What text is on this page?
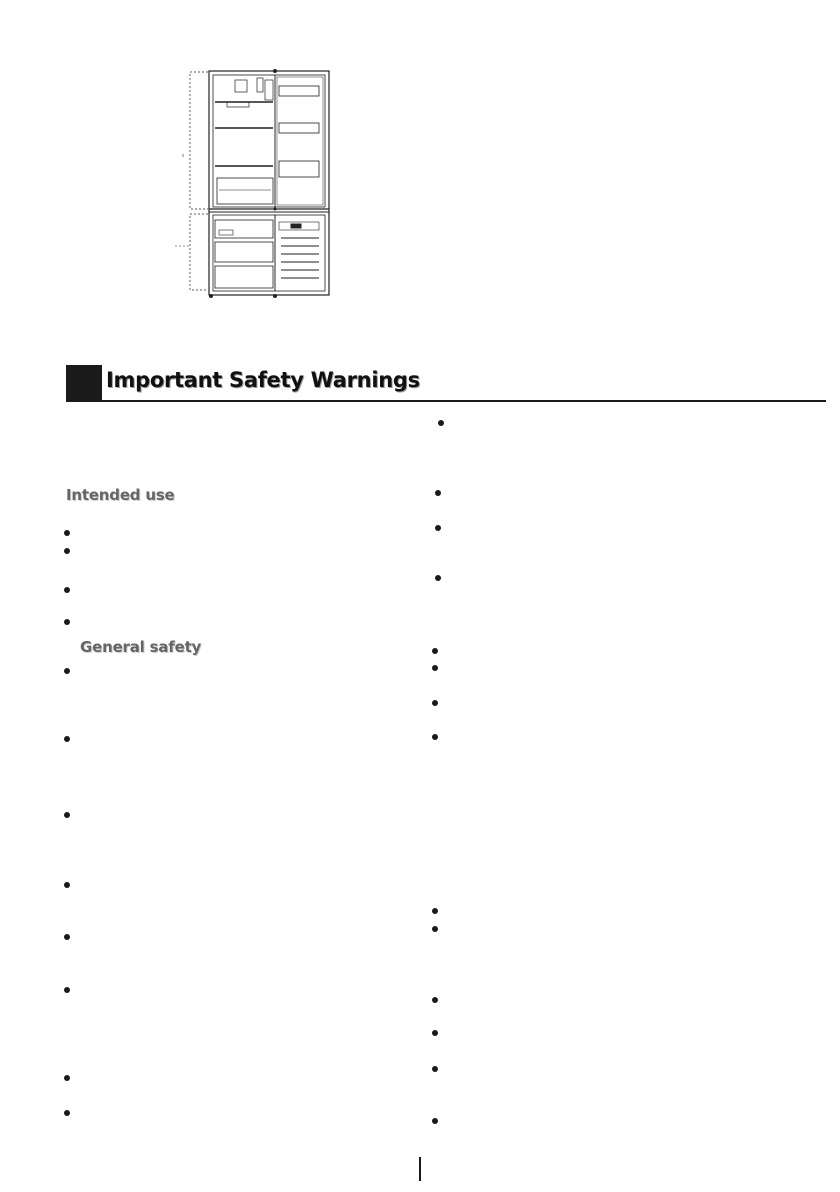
Important Safety Warnings
Intended use
General safety
